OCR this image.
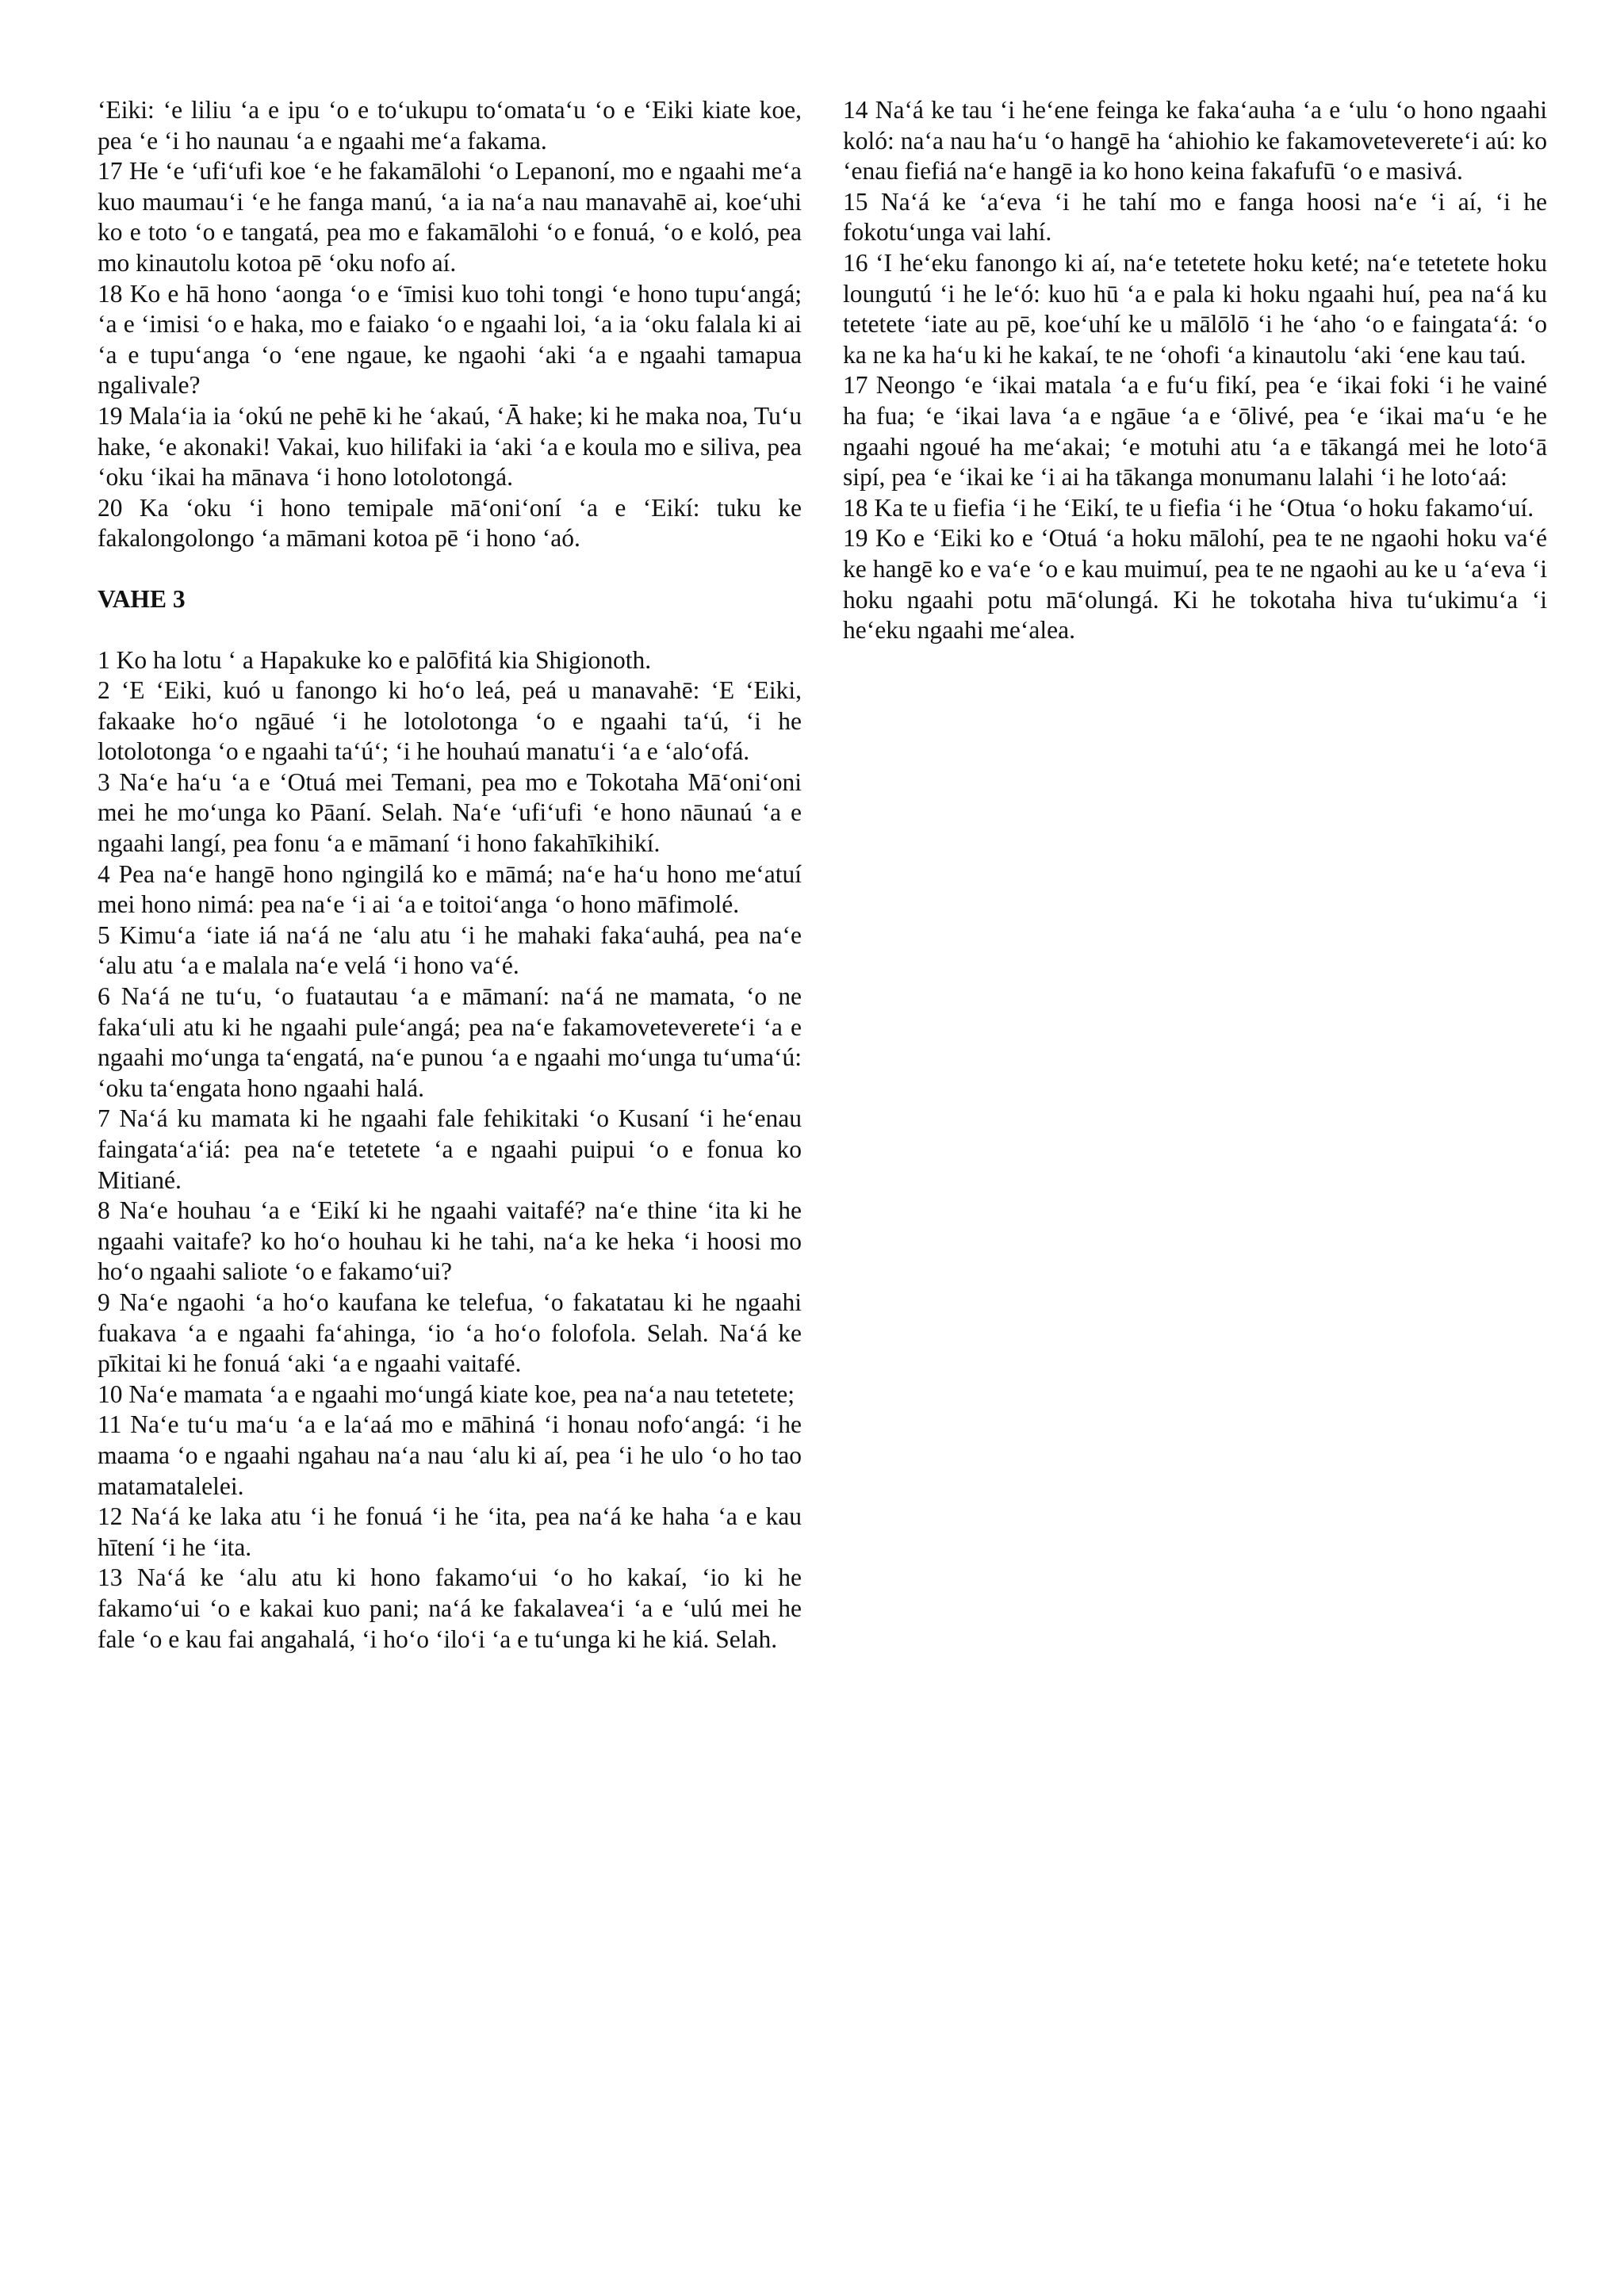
ʻEiki: ʻe liliu ʻa e ipu ʻo e toʻukupu toʻomataʻu ʻo e ʻEiki kiate koe, pea ʻe ʻi ho naunau ʻa e ngaahi meʻa fakama.

17 He ʻe ʻufiʻufi koe ʻe he fakamālohi ʻo Lepanoní, mo e ngaahi meʻa kuo maumauʻi ʻe he fanga manú, ʻa ia naʻa nau manavahē ai, koeʻuhi ko e toto ʻo e tangatá, pea mo e fakamālohi ʻo e fonuá, ʻo e koló, pea mo kinautolu kotoa pē ʻoku nofo aí.

18 Ko e hā hono ʻaonga ʻo e ʻīmisi kuo tohi tongi ʻe hono tupuʻangá; ʻa e ʻimisi ʻo e haka, mo e faiako ʻo e ngaahi loi, ʻa ia ʻoku falala ki ai ʻa e tupuʻanga ʻo ʻene ngaue, ke ngaohi ʻaki ʻa e ngaahi tamapua ngalivale?

19 Malaʻia ia ʻokú ne pehē ki he ʻakaú, ʻĀ hake; ki he maka noa, Tuʻu hake, ʻe akonaki! Vakai, kuo hilifaki ia ʻaki ʻa e koula mo e siliva, pea ʻoku ʻikai ha mānava ʻi hono lotolotongá.

20 Ka ʻoku ʻi hono temipale māʻoniʻoní ʻa e ʻEikí: tuku ke fakalongolongo ʻa māmani kotoa pē ʻi hono ʻaó.

VAHE 3

1 Ko ha lotu ʻ a Hapakuke ko e palōfitá kia Shigionoth.

2 ʻE ʻEiki, kuó u fanongo ki hoʻo leá, peá u manavahē: ʻE ʻEiki, fakaake hoʻo ngāué ʻi he lotolotonga ʻo e ngaahi taʻú, ʻi he lotolotonga ʻo e ngaahi taʻúʻ; ʻi he houhaú manatuʻi ʻa e ʻaloʻofá.

3 Naʻe haʻu ʻa e ʻOtuá mei Temani, pea mo e Tokotaha Māʻoniʻoni mei he moʻunga ko Pāaní. Selah. Naʻe ʻufiʻufi ʻe hono nāunaú ʻa e ngaahi langí, pea fonu ʻa e māmaní ʻi hono fakahīkihikí.

4 Pea naʻe hangē hono ngingilá ko e māmá; naʻe haʻu hono meʻatuí mei hono nimá: pea naʻe ʻi ai ʻa e toitoiʻanga ʻo hono māfimolé.

5 Kimuʻa ʻiate iá naʻá ne ʻalu atu ʻi he mahaki fakaʻauhá, pea naʻe ʻalu atu ʻa e malala naʻe velá ʻi hono vaʻé.

6 Naʻá ne tuʻu, ʻo fuatautau ʻa e māmaní: naʻá ne mamata, ʻo ne fakaʻuli atu ki he ngaahi puleʻangá; pea naʻe fakamovetevereteʻi ʻa e ngaahi moʻunga taʻengatá, naʻe punou ʻa e ngaahi moʻunga tuʻumaʻú: ʻoku taʻengata hono ngaahi halá.

7 Naʻá ku mamata ki he ngaahi fale fehikitaki ʻo Kusaní ʻi heʻenau faingataʻaʻiá: pea naʻe tetetete ʻa e ngaahi puipui ʻo e fonua ko Mitiané.

8 Naʻe houhau ʻa e ʻEikí ki he ngaahi vaitafé? naʻe thine ʻita ki he ngaahi vaitafe? ko hoʻo houhau ki he tahi, naʻa ke heka ʻi hoosi mo hoʻo ngaahi saliote ʻo e fakamoʻui?

9 Naʻe ngaohi ʻa hoʻo kaufana ke telefua, ʻo fakatatau ki he ngaahi fuakava ʻa e ngaahi faʻahinga, ʻio ʻa hoʻo folofola. Selah. Naʻá ke pīkitai ki he fonuá ʻaki ʻa e ngaahi vaitafé.

10 Naʻe mamata ʻa e ngaahi moʻungá kiate koe, pea naʻa nau tetetete;

11 Naʻe tuʻu maʻu ʻa e laʻaá mo e māhiná ʻi honau nofoʻangá: ʻi he maama ʻo e ngaahi ngahau naʻa nau ʻalu ki aí, pea ʻi he ulo ʻo ho tao matamatalelei.

12 Naʻá ke laka atu ʻi he fonuá ʻi he ʻita, pea naʻá ke haha ʻa e kau hītení ʻi he ʻita.

13 Naʻá ke ʻalu atu ki hono fakamoʻui ʻo ho kakaí, ʻio ki he fakamoʻui ʻo e kakai kuo pani; naʻá ke fakalaveaʻi ʻa e ʻulú mei he fale ʻo e kau fai angahalá, ʻi hoʻo ʻiloʻi ʻa e tuʻunga ki he kiá. Selah.

14 Naʻá ke tau ʻi heʻene feinga ke fakaʻauha ʻa e ʻulu ʻo hono ngaahi koló: naʻa nau haʻu ʻo hangē ha ʻahiohio ke fakamovetevereteʻi aú: ko ʻenau fiefiá naʻe hangē ia ko hono keina fakafufū ʻo e masivá.

15 Naʻá ke ʻaʻeva ʻi he tahí mo e fanga hoosi naʻe ʻi aí, ʻi he fokotuʻunga vai lahí.

16 ʻI heʻeku fanongo ki aí, naʻe tetetete hoku keté; naʻe tetetete hoku loungutú ʻi he leʻó: kuo hū ʻa e pala ki hoku ngaahi huí, pea naʻá ku tetetete ʻiate au pē, koeʻuhí ke u mālōlō ʻi he ʻaho ʻo e faingataʻá: ʻo ka ne ka haʻu ki he kakaí, te ne ʻohofi ʻa kinautolu ʻaki ʻene kau taú.

17 Neongo ʻe ʻikai matala ʻa e fuʻu fikí, pea ʻe ʻikai foki ʻi he vainé ha fua; ʻe ʻikai lava ʻa e ngāue ʻa e ʻōlivé, pea ʻe ʻikai maʻu ʻe he ngaahi ngoué ha meʻakai; ʻe motuhi atu ʻa e tākangá mei he lotoʻā sipí, pea ʻe ʻikai ke ʻi ai ha tākanga monumanu lalahi ʻi he lotoʻaá:

18 Ka te u fiefia ʻi he ʻEikí, te u fiefia ʻi he ʻOtua ʻo hoku fakamoʻuí.

19 Ko e ʻEiki ko e ʻOtuá ʻa hoku mālohí, pea te ne ngaohi hoku vaʻé ke hangē ko e vaʻe ʻo e kau muimuí, pea te ne ngaohi au ke u ʻaʻeva ʻi hoku ngaahi potu māʻolungá. Ki he tokotaha hiva tuʻukimuʻa ʻi heʻeku ngaahi meʻalea.
